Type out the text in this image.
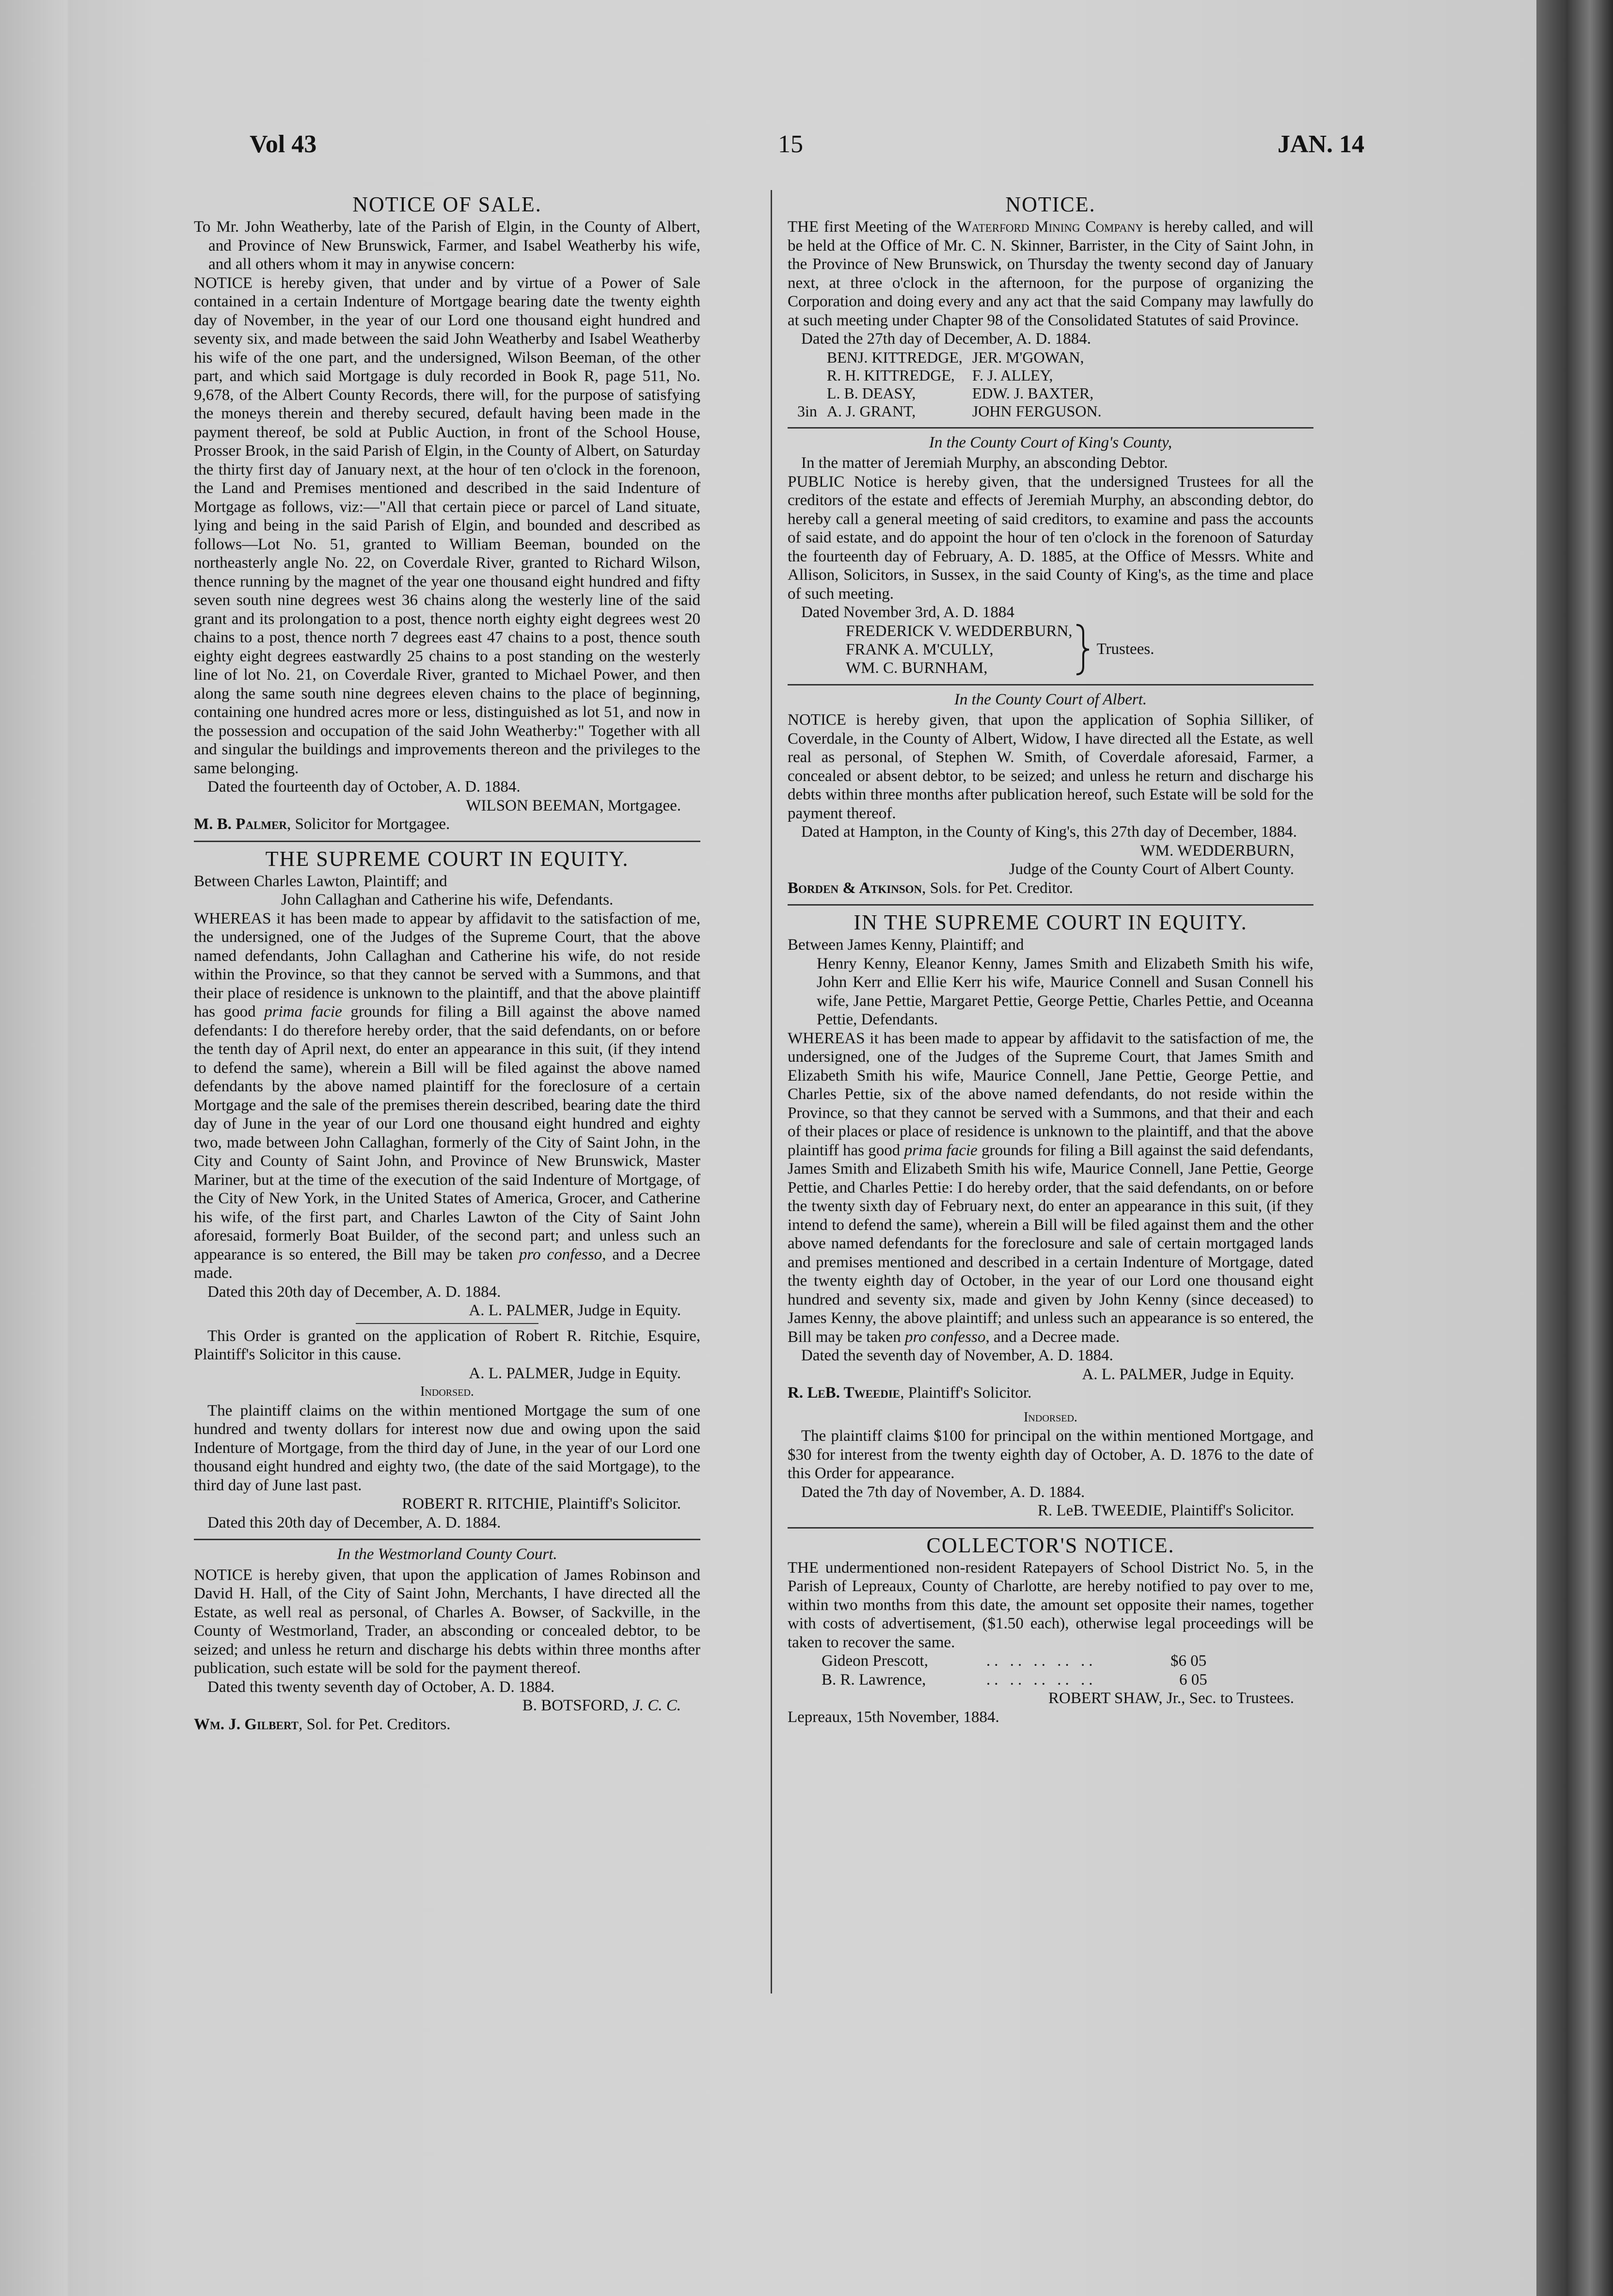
Vol 43	15	JAN. 14
NOTICE OF SALE.

To Mr. John Weatherby, late of the Parish of Elgin, in the County of Albert, and Province of New Brunswick, Farmer, and Isabel Weatherby his wife, and all others whom it may in anywise concern:

NOTICE is hereby given, that under and by virtue of a Power of Sale contained in a certain Indenture of Mortgage bearing date the twenty eighth day of November, in the year of our Lord one thousand eight hundred and seventy six, and made between the said John Weatherby and Isabel Weatherby his wife of the one part, and the undersigned, Wilson Beeman, of the other part, and which said Mortgage is duly recorded in Book R, page 511, No. 9,678, of the Albert County Records, there will, for the purpose of satisfying the moneys therein and thereby secured, default having been made in the payment thereof, be sold at Public Auction, in front of the School House, Prosser Brook, in the said Parish of Elgin, in the County of Albert, on Saturday the thirty first day of January next, at the hour of ten o'clock in the forenoon, the Land and Premises mentioned and described in the said Indenture of Mortgage as follows, viz:—"All that certain piece or parcel of Land situate, lying and being in the said Parish of Elgin, and bounded and described as follows—Lot No. 51, granted to William Beeman, bounded on the northeasterly angle No. 22, on Coverdale River, granted to Richard Wilson, thence running by the magnet of the year one thousand eight hundred and fifty seven south nine degrees west 36 chains along the westerly line of the said grant and its prolongation to a post, thence north eighty eight degrees west 20 chains to a post, thence north 7 degrees east 47 chains to a post, thence south eighty eight degrees eastwardly 25 chains to a post standing on the westerly line of lot No. 21, on Coverdale River, granted to Michael Power, and then along the same south nine degrees eleven chains to the place of beginning, containing one hundred acres more or less, distinguished as lot 51, and now in the possession and occupation of the said John Weatherby:" Together with all and singular the buildings and improvements thereon and the privileges to the same belonging.

Dated the fourteenth day of October, A. D. 1884.

WILSON BEEMAN, Mortgagee.

M. B. Palmer, Solicitor for Mortgagee.

THE SUPREME COURT IN EQUITY.

Between Charles Lawton, Plaintiff; and

John Callaghan and Catherine his wife, Defendants.

WHEREAS it has been made to appear by affidavit to the satisfaction of me, the undersigned, one of the Judges of the Supreme Court, that the above named defendants, John Callaghan and Catherine his wife, do not reside within the Province, so that they cannot be served with a Summons, and that their place of residence is unknown to the plaintiff, and that the above plaintiff has good prima facie grounds for filing a Bill against the above named defendants: I do therefore hereby order, that the said defendants, on or before the tenth day of April next, do enter an appearance in this suit, (if they intend to defend the same), wherein a Bill will be filed against the above named defendants by the above named plaintiff for the foreclosure of a certain Mortgage and the sale of the premises therein described, bearing date the third day of June in the year of our Lord one thousand eight hundred and eighty two, made between John Callaghan, formerly of the City of Saint John, in the City and County of Saint John, and Province of New Brunswick, Master Mariner, but at the time of the execution of the said Indenture of Mortgage, of the City of New York, in the United States of America, Grocer, and Catherine his wife, of the first part, and Charles Lawton of the City of Saint John aforesaid, formerly Boat Builder, of the second part; and unless such an appearance is so entered, the Bill may be taken pro confesso, and a Decree made.

Dated this 20th day of December, A. D. 1884.

A. L. PALMER, Judge in Equity.

This Order is granted on the application of Robert R. Ritchie, Esquire, Plaintiff's Solicitor in this cause.

A. L. PALMER, Judge in Equity.

Indorsed.

The plaintiff claims on the within mentioned Mortgage the sum of one hundred and twenty dollars for interest now due and owing upon the said Indenture of Mortgage, from the third day of June, in the year of our Lord one thousand eight hundred and eighty two, (the date of the said Mortgage), to the third day of June last past.

ROBERT R. RITCHIE, Plaintiff's Solicitor.

Dated this 20th day of December, A. D. 1884.

In the Westmorland County Court.

NOTICE is hereby given, that upon the application of James Robinson and David H. Hall, of the City of Saint John, Merchants, I have directed all the Estate, as well real as personal, of Charles A. Bowser, of Sackville, in the County of Westmorland, Trader, an absconding or concealed debtor, to be seized; and unless he return and discharge his debts within three months after publication, such estate will be sold for the payment thereof.

Dated this twenty seventh day of October, A. D. 1884.

B. BOTSFORD, J. C. C.

Wm. J. Gilbert, Sol. for Pet. Creditors.

NOTICE.

THE first Meeting of the Waterford Mining Company is hereby called, and will be held at the Office of Mr. C. N. Skinner, Barrister, in the City of Saint John, in the Province of New Brunswick, on Thursday the twenty second day of January next, at three o'clock in the afternoon, for the purpose of organizing the Corporation and doing every and any act that the said Company may lawfully do at such meeting under Chapter 98 of the Consolidated Statutes of said Province.

Dated the 27th day of December, A. D. 1884.

	BENJ. KITTREDGE,	JER. M'GOWAN,
	R. H. KITTREDGE,	F. J. ALLEY,
	L. B. DEASY,	EDW. J. BAXTER,
3in	A. J. GRANT,	JOHN FERGUSON.
In the County Court of King's County,

In the matter of Jeremiah Murphy, an absconding Debtor.

PUBLIC Notice is hereby given, that the undersigned Trustees for all the creditors of the estate and effects of Jeremiah Murphy, an absconding debtor, do hereby call a general meeting of said creditors, to examine and pass the accounts of said estate, and do appoint the hour of ten o'clock in the forenoon of Saturday the fourteenth day of February, A. D. 1885, at the Office of Messrs. White and Allison, Solicitors, in Sussex, in the said County of King's, as the time and place of such meeting.

Dated November 3rd, A. D. 1884

FREDERICK V. WEDDERBURN,
FRANK A. M'CULLY,
WM. C. BURNHAM,
Trustees.
In the County Court of Albert.

NOTICE is hereby given, that upon the application of Sophia Silliker, of Coverdale, in the County of Albert, Widow, I have directed all the Estate, as well real as personal, of Stephen W. Smith, of Coverdale aforesaid, Farmer, a concealed or absent debtor, to be seized; and unless he return and discharge his debts within three months after publication hereof, such Estate will be sold for the payment thereof.

Dated at Hampton, in the County of King's, this 27th day of December, 1884.

WM. WEDDERBURN,

Judge of the County Court of Albert County.

Borden & Atkinson, Sols. for Pet. Creditor.

IN THE SUPREME COURT IN EQUITY.

Between James Kenny, Plaintiff; and

Henry Kenny, Eleanor Kenny, James Smith and Elizabeth Smith his wife, John Kerr and Ellie Kerr his wife, Maurice Connell and Susan Connell his wife, Jane Pettie, Margaret Pettie, George Pettie, Charles Pettie, and Oceanna Pettie, Defendants.

WHEREAS it has been made to appear by affidavit to the satisfaction of me, the undersigned, one of the Judges of the Supreme Court, that James Smith and Elizabeth Smith his wife, Maurice Connell, Jane Pettie, George Pettie, and Charles Pettie, six of the above named defendants, do not reside within the Province, so that they cannot be served with a Summons, and that their and each of their places or place of residence is unknown to the plaintiff, and that the above plaintiff has good prima facie grounds for filing a Bill against the said defendants, James Smith and Elizabeth Smith his wife, Maurice Connell, Jane Pettie, George Pettie, and Charles Pettie: I do hereby order, that the said defendants, on or before the twenty sixth day of February next, do enter an appearance in this suit, (if they intend to defend the same), wherein a Bill will be filed against them and the other above named defendants for the foreclosure and sale of certain mortgaged lands and premises mentioned and described in a certain Indenture of Mortgage, dated the twenty eighth day of October, in the year of our Lord one thousand eight hundred and seventy six, made and given by John Kenny (since deceased) to James Kenny, the above plaintiff; and unless such an appearance is so entered, the Bill may be taken pro confesso, and a Decree made.

Dated the seventh day of November, A. D. 1884.

A. L. PALMER, Judge in Equity.

R. LeB. Tweedie, Plaintiff's Solicitor.

Indorsed.

The plaintiff claims $100 for principal on the within mentioned Mortgage, and $30 for interest from the twenty eighth day of October, A. D. 1876 to the date of this Order for appearance.

Dated the 7th day of November, A. D. 1884.

R. LeB. TWEEDIE, Plaintiff's Solicitor.

COLLECTOR'S NOTICE.

THE undermentioned non-resident Ratepayers of School District No. 5, in the Parish of Lepreaux, County of Charlotte, are hereby notified to pay over to me, within two months from this date, the amount set opposite their names, together with costs of advertisement, ($1.50 each), otherwise legal proceedings will be taken to recover the same.

Gideon Prescott,	.. .. .. .. ..	$6 05
B. R. Lawrence,	.. .. .. .. ..	6 05

ROBERT SHAW, Jr., Sec. to Trustees.

Lepreaux, 15th November, 1884.
